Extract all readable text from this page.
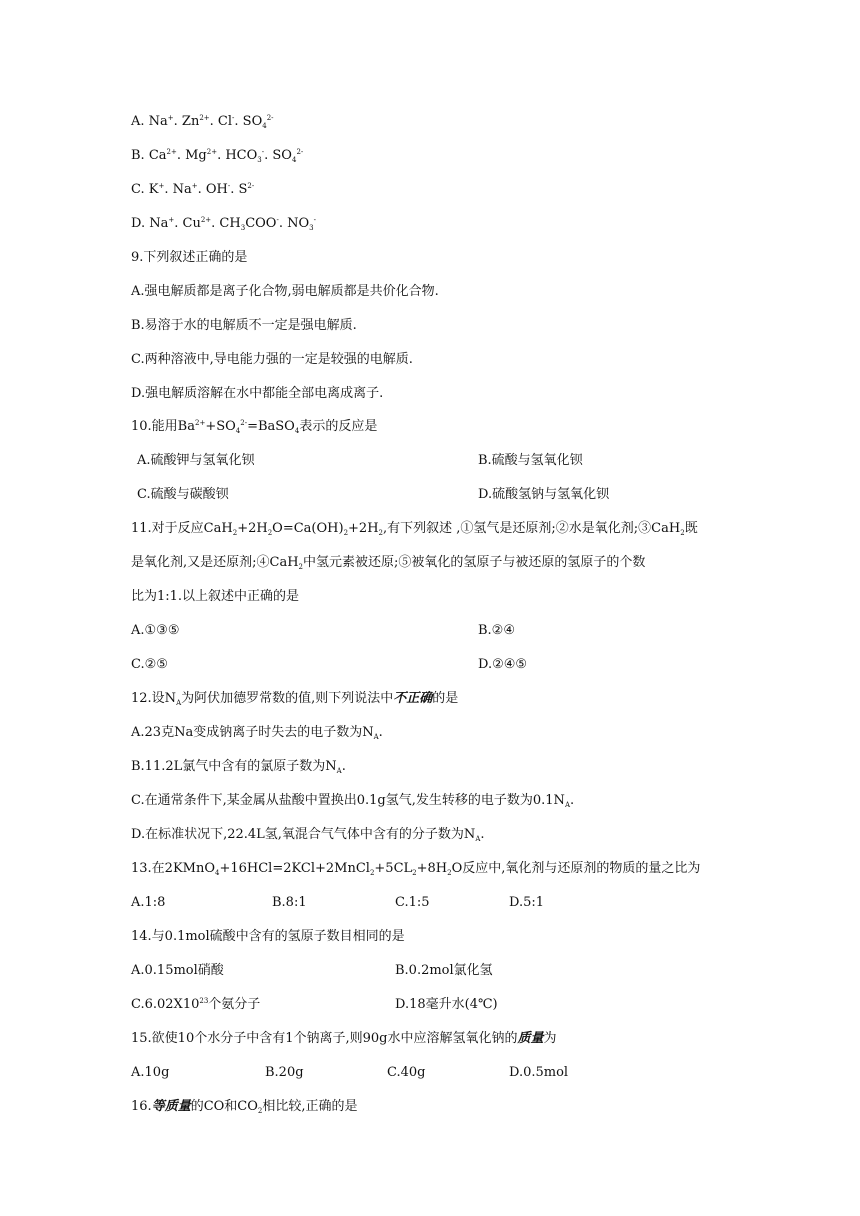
A. Na+. $Zn^{2+}$. Cl-. $SO_4^{2-}$
B. $Ca^{2+}$. $Mg^{2+}$. $HCO_3^-$. $SO_4^{2-}$
C. K+. Na+. OH-. $S^{2-}$
D. Na+. $Cu^{2+}$. $CH_3COO^-$. $NO_3^-$
9.下列叙述正确的是
A.强电解质都是离子化合物,弱电解质都是共价化合物.
B.易溶于水的电解质不一定是强电解质.
C.两种溶液中,导电能力强的一定是较强的电解质.
D.强电解质溶解在水中都能全部电离成离子.
10.能用$Ba^{2+}+SO_4^{2-}=BaSO_4$表示的反应是
A.硫酸钾与氢氧化钡	B.硫酸与氢氧化钡
C.硫酸与碳酸钡	D.硫酸氢钠与氢氧化钡
11.对于反应$CaH_2+2H_2O=Ca(OH)_2+2H_2$,有下列叙述 ,①氢气是还原剂;②水是氧化剂;③CaH$_2$既
是氧化剂,又是还原剂;④CaH$_2$中氢元素被还原;⑤被氧化的氢原子与被还原的氢原子的个数
比为1:1.以上叙述中正确的是
A.①③⑤	B.②④
C.②⑤	D.②④⑤
12.设$N_A$为阿伏加德罗常数的值,则下列说法中不正确的是
A.23克Na变成钠离子时失去的电子数为$N_A$.
B.11.2L氯气中含有的氯原子数为$N_A$.
C.在通常条件下,某金属从盐酸中置换出0.1g氢气,发生转移的电子数为$0.1N_A$.
D.在标准状况下,22.4L氢,氧混合气气体中含有的分子数为$N_A$.
13.在$2KMnO_4+16HCl=2KCl+2MnCl_2+5CL_2+8H_2O$反应中,氧化剂与还原剂的物质的量之比为
A.1:8	B.8:1	C.1:5	D.5:1
14.与0.1mol硫酸中含有的氢原子数目相同的是
A.0.15mol硝酸	B.0.2mol氯化氢
$C.6.02X10^{23}$个氨分子	D.18毫升水(4℃)
15.欲使10个水分子中含有1个钠离子,则90g水中应溶解氢氧化钠的质量为
A.10g	B.20g	C.40g	D.0.5mol
16.等质量的CO和$CO_2$相比较,正确的是
